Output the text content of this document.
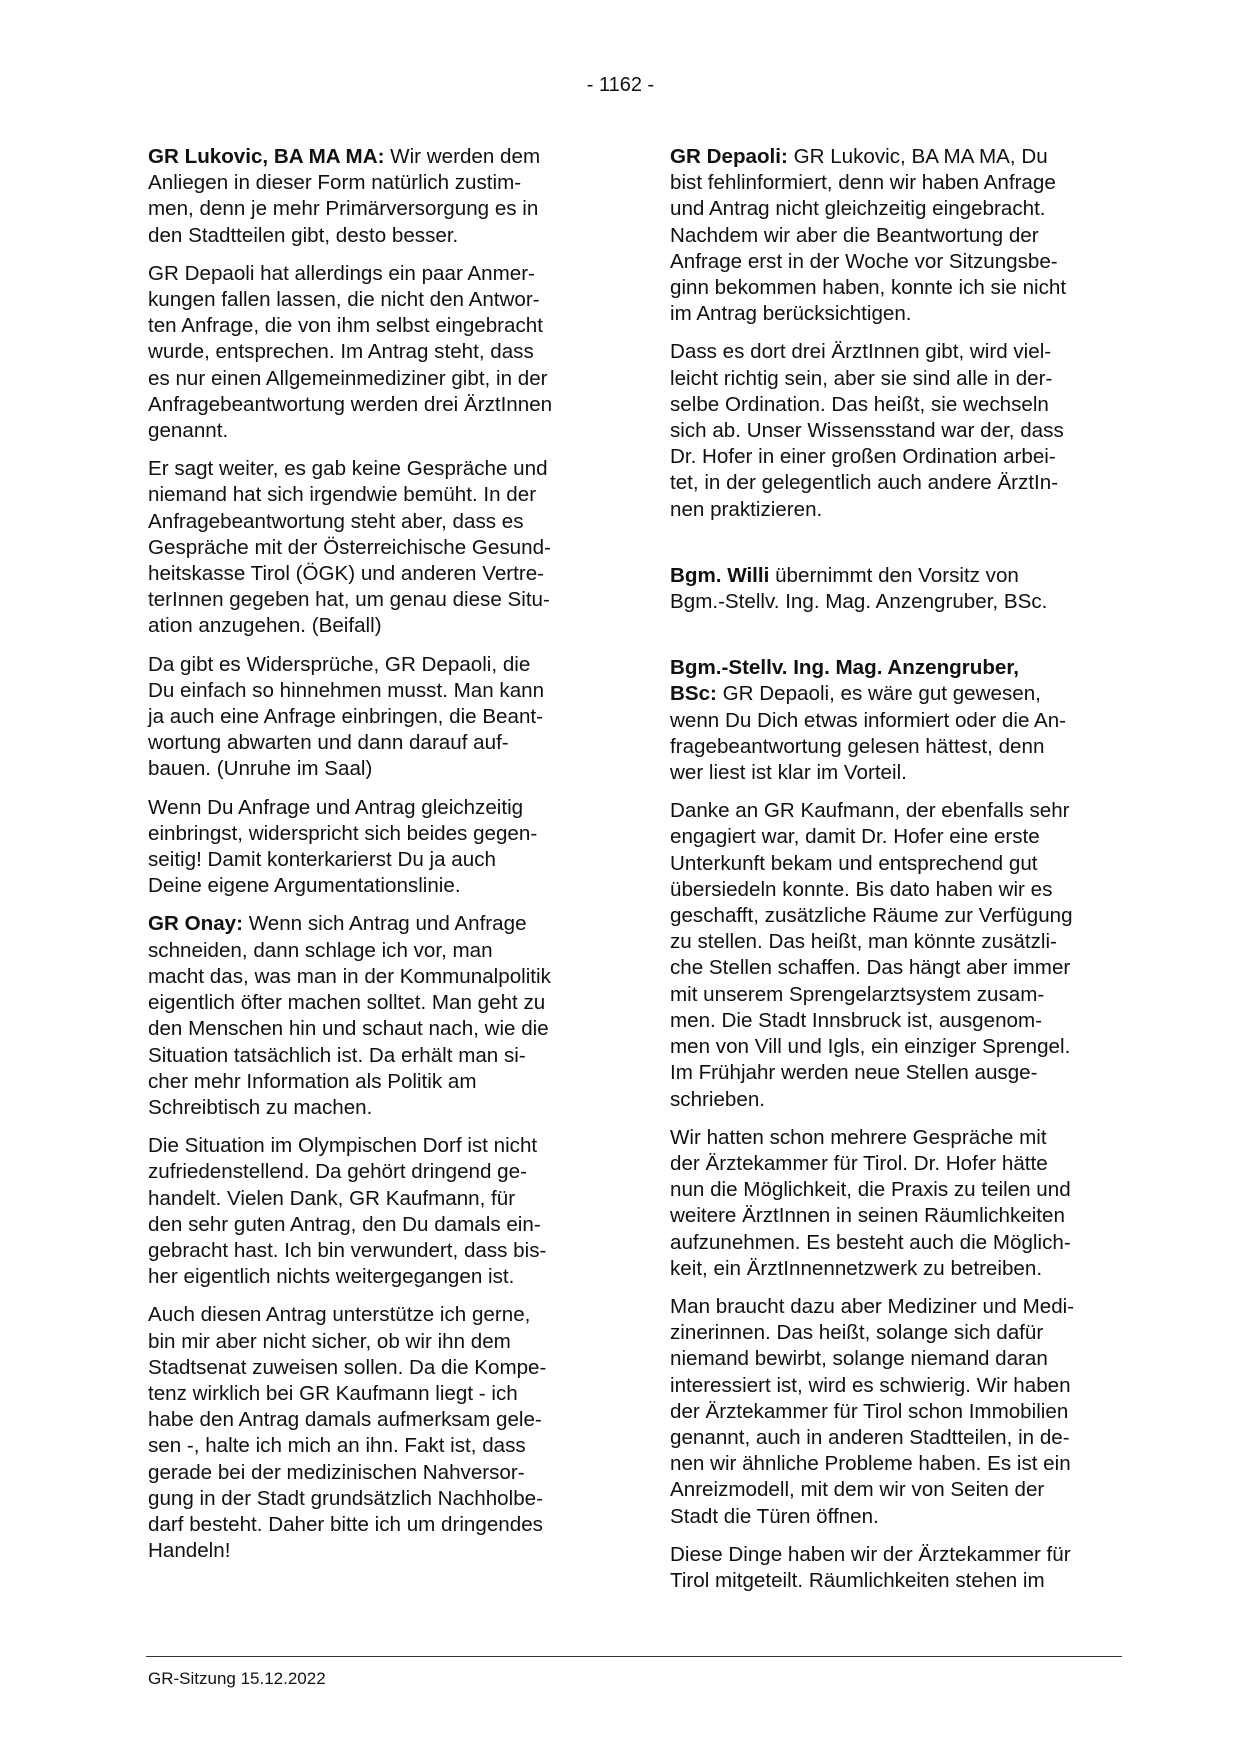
- 1162 -

GR Lukovic, BA MA MA: Wir werden dem
Anliegen in dieser Form natürlich zustim-
men, denn je mehr Primärversorgung es in
den Stadtteilen gibt, desto besser.

GR Depaoli hat allerdings ein paar Anmer-
kungen fallen lassen, die nicht den Antwor-
ten Anfrage, die von ihm selbst eingebracht
wurde, entsprechen. Im Antrag steht, dass
es nur einen Allgemeinmediziner gibt, in der
Anfragebeantwortung werden drei ÄrztInnen
genannt.

Er sagt weiter, es gab keine Gespräche und
niemand hat sich irgendwie bemüht. In der
Anfragebeantwortung steht aber, dass es
Gespräche mit der Österreichische Gesund-
heitskasse Tirol (ÖGK) und anderen Vertre-
terInnen gegeben hat, um genau diese Situ-
ation anzugehen. (Beifall)

Da gibt es Widersprüche, GR Depaoli, die
Du einfach so hinnehmen musst. Man kann
ja auch eine Anfrage einbringen, die Beant-
wortung abwarten und dann darauf auf-
bauen. (Unruhe im Saal)

Wenn Du Anfrage und Antrag gleichzeitig
einbringst, widerspricht sich beides gegen-
seitig! Damit konterkarierst Du ja auch
Deine eigene Argumentationslinie.

GR Onay: Wenn sich Antrag und Anfrage
schneiden, dann schlage ich vor, man
macht das, was man in der Kommunalpolitik
eigentlich öfter machen solltet. Man geht zu
den Menschen hin und schaut nach, wie die
Situation tatsächlich ist. Da erhält man si-
cher mehr Information als Politik am
Schreibtisch zu machen.

Die Situation im Olympischen Dorf ist nicht
zufriedenstellend. Da gehört dringend ge-
handelt. Vielen Dank, GR Kaufmann, für
den sehr guten Antrag, den Du damals ein-
gebracht hast. Ich bin verwundert, dass bis-
her eigentlich nichts weitergegangen ist.

Auch diesen Antrag unterstütze ich gerne,
bin mir aber nicht sicher, ob wir ihn dem
Stadtsenat zuweisen sollen. Da die Kompe-
tenz wirklich bei GR Kaufmann liegt - ich
habe den Antrag damals aufmerksam gele-
sen -, halte ich mich an ihn. Fakt ist, dass
gerade bei der medizinischen Nahversor-
gung in der Stadt grundsätzlich Nachholbe-
darf besteht. Daher bitte ich um dringendes
Handeln!

GR Depaoli: GR Lukovic, BA MA MA, Du
bist fehlinformiert, denn wir haben Anfrage
und Antrag nicht gleichzeitig eingebracht.
Nachdem wir aber die Beantwortung der
Anfrage erst in der Woche vor Sitzungsbe-
ginn bekommen haben, konnte ich sie nicht
im Antrag berücksichtigen.

Dass es dort drei ÄrztInnen gibt, wird viel-
leicht richtig sein, aber sie sind alle in der-
selbe Ordination. Das heißt, sie wechseln
sich ab. Unser Wissensstand war der, dass
Dr. Hofer in einer großen Ordination arbei-
tet, in der gelegentlich auch andere ÄrztIn-
nen praktizieren.

Bgm. Willi übernimmt den Vorsitz von
Bgm.-Stellv. Ing. Mag. Anzengruber, BSc.

Bgm.-Stellv. Ing. Mag. Anzengruber,
BSc: GR Depaoli, es wäre gut gewesen,
wenn Du Dich etwas informiert oder die An-
fragebeantwortung gelesen hättest, denn
wer liest ist klar im Vorteil.

Danke an GR Kaufmann, der ebenfalls sehr
engagiert war, damit Dr. Hofer eine erste
Unterkunft bekam und entsprechend gut
übersiedeln konnte. Bis dato haben wir es
geschafft, zusätzliche Räume zur Verfügung
zu stellen. Das heißt, man könnte zusätzli-
che Stellen schaffen. Das hängt aber immer
mit unserem Sprengelarztsystem zusam-
men. Die Stadt Innsbruck ist, ausgenom-
men von Vill und Igls, ein einziger Sprengel.
Im Frühjahr werden neue Stellen ausge-
schrieben.

Wir hatten schon mehrere Gespräche mit
der Ärztekammer für Tirol. Dr. Hofer hätte
nun die Möglichkeit, die Praxis zu teilen und
weitere ÄrztInnen in seinen Räumlichkeiten
aufzunehmen. Es besteht auch die Möglich-
keit, ein ÄrztInnennetzwerk zu betreiben.

Man braucht dazu aber Mediziner und Medi-
zinerinnen. Das heißt, solange sich dafür
niemand bewirbt, solange niemand daran
interessiert ist, wird es schwierig. Wir haben
der Ärztekammer für Tirol schon Immobilien
genannt, auch in anderen Stadtteilen, in de-
nen wir ähnliche Probleme haben. Es ist ein
Anreizmodell, mit dem wir von Seiten der
Stadt die Türen öffnen.

Diese Dinge haben wir der Ärztekammer für
Tirol mitgeteilt. Räumlichkeiten stehen im

GR-Sitzung 15.12.2022
